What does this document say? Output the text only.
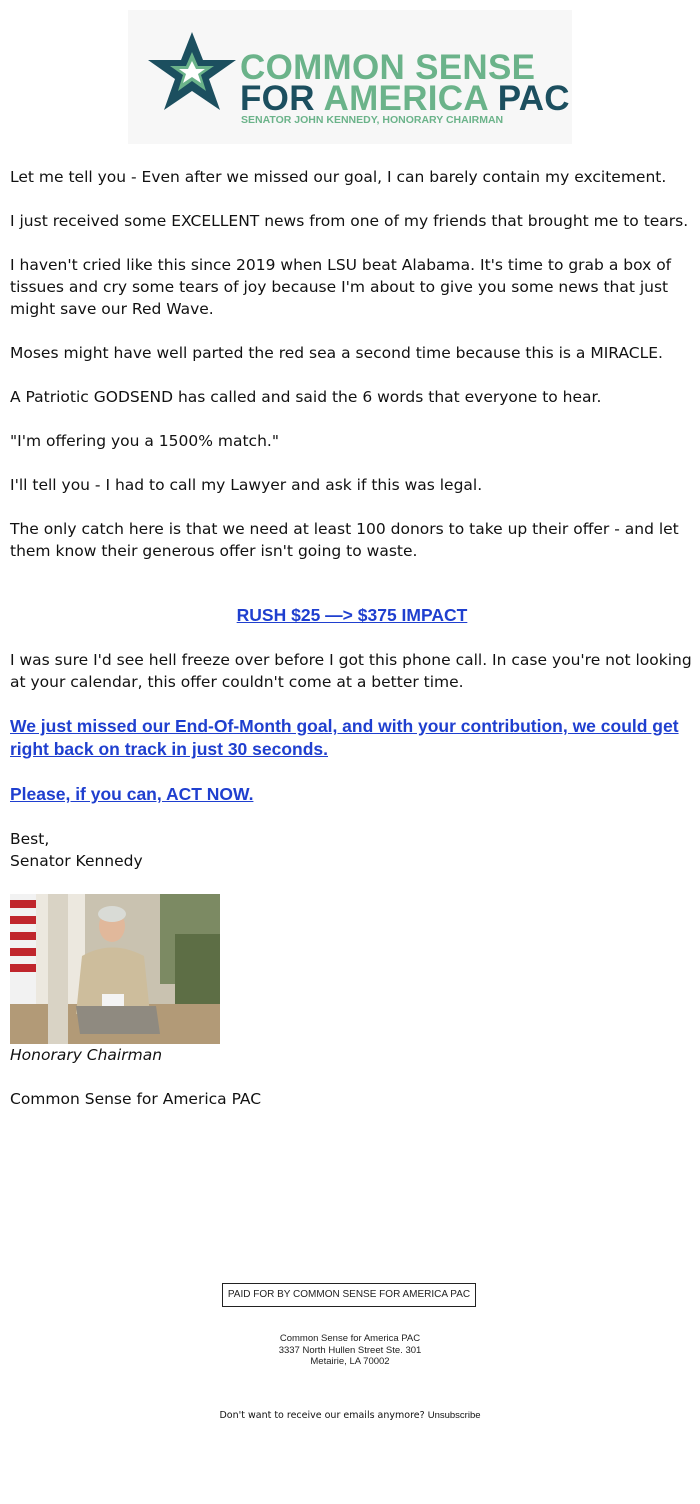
COMMON SENSE
FOR AMERICA PAC
SENATOR JOHN KENNEDY, HONORARY CHAIRMAN

Let me tell you - Even after we missed our goal, I can barely contain my excitement.

I just received some EXCELLENT news from one of my friends that brought me to tears.

I haven't cried like this since 2019 when LSU beat Alabama. It's time to grab a box of tissues and cry some tears of joy because I'm about to give you some news that just might save our Red Wave.

Moses might have well parted the red sea a second time because this is a MIRACLE.

A Patriotic GODSEND has called and said the 6 words that everyone to hear.

"I'm offering you a 1500% match."

I'll tell you - I had to call my Lawyer and ask if this was legal.

The only catch here is that we need at least 100 donors to take up their offer - and let them know their generous offer isn't going to waste.

RUSH $25 —> $375 IMPACT

I was sure I'd see hell freeze over before I got this phone call. In case you're not looking at your calendar, this offer couldn't come at a better time.

We just missed our End-Of-Month goal, and with your contribution, we could get right back on track in just 30 seconds.

Please, if you can, ACT NOW.

Best,
Senator Kennedy

Honorary Chairman

Common Sense for America PAC

PAID FOR BY COMMON SENSE FOR AMERICA PAC
Common Sense for America PAC
3337 North Hullen Street Ste. 301
Metairie, LA 70002
Don't want to receive our emails anymore? Unsubscribe
